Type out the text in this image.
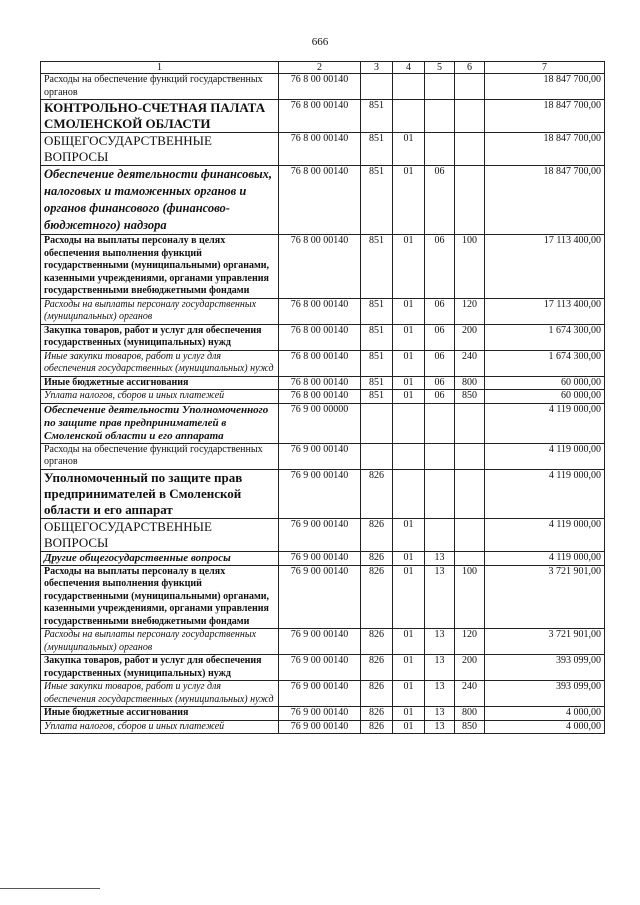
666
1	2	3	4	5	6	7
Расходы на обеспечение функций государственных органов	76 8 00 00140					18 847 700,00
КОНТРОЛЬНО-СЧЕТНАЯ ПАЛАТА СМОЛЕНСКОЙ ОБЛАСТИ	76 8 00 00140	851				18 847 700,00
ОБЩЕГОСУДАРСТВЕННЫЕ ВОПРОСЫ	76 8 00 00140	851	01			18 847 700,00
Обеспечение деятельности финансовых, налоговых и таможенных органов и органов финансового (финансово-бюджетного) надзора	76 8 00 00140	851	01	06		18 847 700,00
Расходы на выплаты персоналу в целях обеспечения выполнения функций государственными (муниципальными) органами, казенными учреждениями, органами управления государственными внебюджетными фондами	76 8 00 00140	851	01	06	100	17 113 400,00
Расходы на выплаты персоналу государственных (муниципальных) органов	76 8 00 00140	851	01	06	120	17 113 400,00
Закупка товаров, работ и услуг для обеспечения государственных (муниципальных) нужд	76 8 00 00140	851	01	06	200	1 674 300,00
Иные закупки товаров, работ и услуг для обеспечения государственных (муниципальных) нужд	76 8 00 00140	851	01	06	240	1 674 300,00
Иные бюджетные ассигнования	76 8 00 00140	851	01	06	800	60 000,00
Уплата налогов, сборов и иных платежей	76 8 00 00140	851	01	06	850	60 000,00
Обеспечение деятельности Уполномоченного по защите прав предпринимателей в Смоленской области и его аппарата	76 9 00 00000					4 119 000,00
Расходы на обеспечение функций государственных органов	76 9 00 00140					4 119 000,00
Уполномоченный по защите прав предпринимателей в Смоленской области и его аппарат	76 9 00 00140	826				4 119 000,00
ОБЩЕГОСУДАРСТВЕННЫЕ ВОПРОСЫ	76 9 00 00140	826	01			4 119 000,00
Другие общегосударственные вопросы	76 9 00 00140	826	01	13		4 119 000,00
Расходы на выплаты персоналу в целях обеспечения выполнения функций государственными (муниципальными) органами, казенными учреждениями, органами управления государственными внебюджетными фондами	76 9 00 00140	826	01	13	100	3 721 901,00
Расходы на выплаты персоналу государственных (муниципальных) органов	76 9 00 00140	826	01	13	120	3 721 901,00
Закупка товаров, работ и услуг для обеспечения государственных (муниципальных) нужд	76 9 00 00140	826	01	13	200	393 099,00
Иные закупки товаров, работ и услуг для обеспечения государственных (муниципальных) нужд	76 9 00 00140	826	01	13	240	393 099,00
Иные бюджетные ассигнования	76 9 00 00140	826	01	13	800	4 000,00
Уплата налогов, сборов и иных платежей	76 9 00 00140	826	01	13	850	4 000,00
